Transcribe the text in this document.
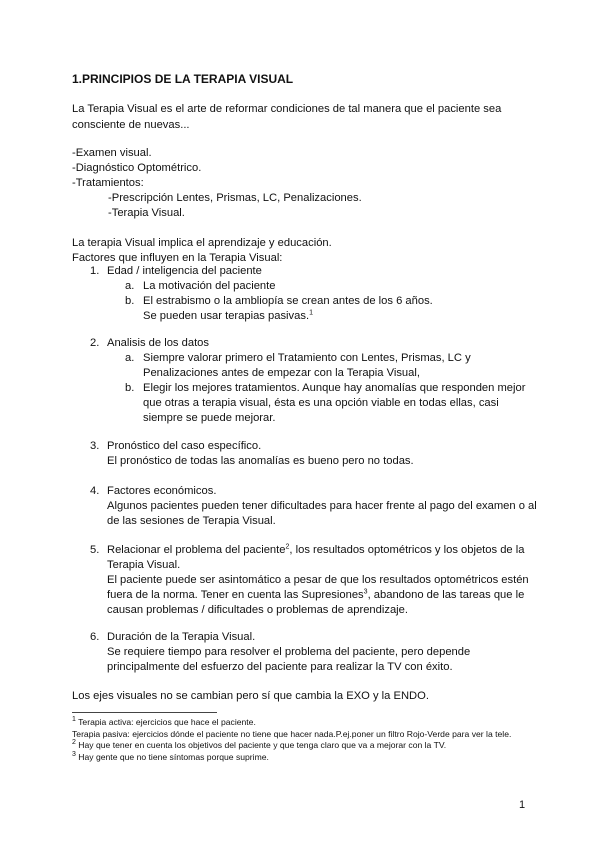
1.PRINCIPIOS DE LA TERAPIA VISUAL
La Terapia Visual es el arte de reformar condiciones de tal manera que el paciente sea consciente de nuevas...
-Examen visual.
-Diagnóstico Optométrico.
-Tratamientos:
-Prescripción Lentes, Prismas, LC, Penalizaciones.
-Terapia Visual.
La terapia Visual implica el aprendizaje y educación.
Factores que influyen en la Terapia Visual:
1. Edad / inteligencia del paciente
a. La motivación del paciente
b. El estrabismo o la ambliopía se crean antes de los 6 años.
Se pueden usar terapias pasivas.$^1$
2. Analisis de los datos
a. Siempre valorar primero el Tratamiento con Lentes, Prismas, LC y Penalizaciones antes de empezar con la Terapia Visual,
b. Elegir los mejores tratamientos. Aunque hay anomalías que responden mejor que otras a terapia visual, ésta es una opción viable en todas ellas, casi siempre se puede mejorar.
3. Pronóstico del caso específico.
El pronóstico de todas las anomalías es bueno pero no todas.
4. Factores económicos.
Algunos pacientes pueden tener dificultades para hacer frente al pago del examen o al de las sesiones de Terapia Visual.
5. Relacionar el problema del paciente$^2$, los resultados optométricos y los objetos de la Terapia Visual.
El paciente puede ser asintomático a pesar de que los resultados optométricos estén fuera de la norma. Tener en cuenta las Supresiones$^3$, abandono de las tareas que le causan problemas / dificultades o problemas de aprendizaje.
6. Duración de la Terapia Visual.
Se requiere tiempo para resolver el problema del paciente, pero depende principalmente del esfuerzo del paciente para realizar la TV con éxito.
Los ejes visuales no se cambian pero sí que cambia la EXO y la ENDO.
$^1$ Terapia activa: ejercicios que hace el paciente.
Terapia pasiva: ejercicios dónde el paciente no tiene que hacer nada.P.ej.poner un filtro Rojo-Verde para ver la tele.
$^2$ Hay que tener en cuenta los objetivos del paciente y que tenga claro que va a mejorar con la TV.
$^3$ Hay gente que no tiene síntomas porque suprime.
1
